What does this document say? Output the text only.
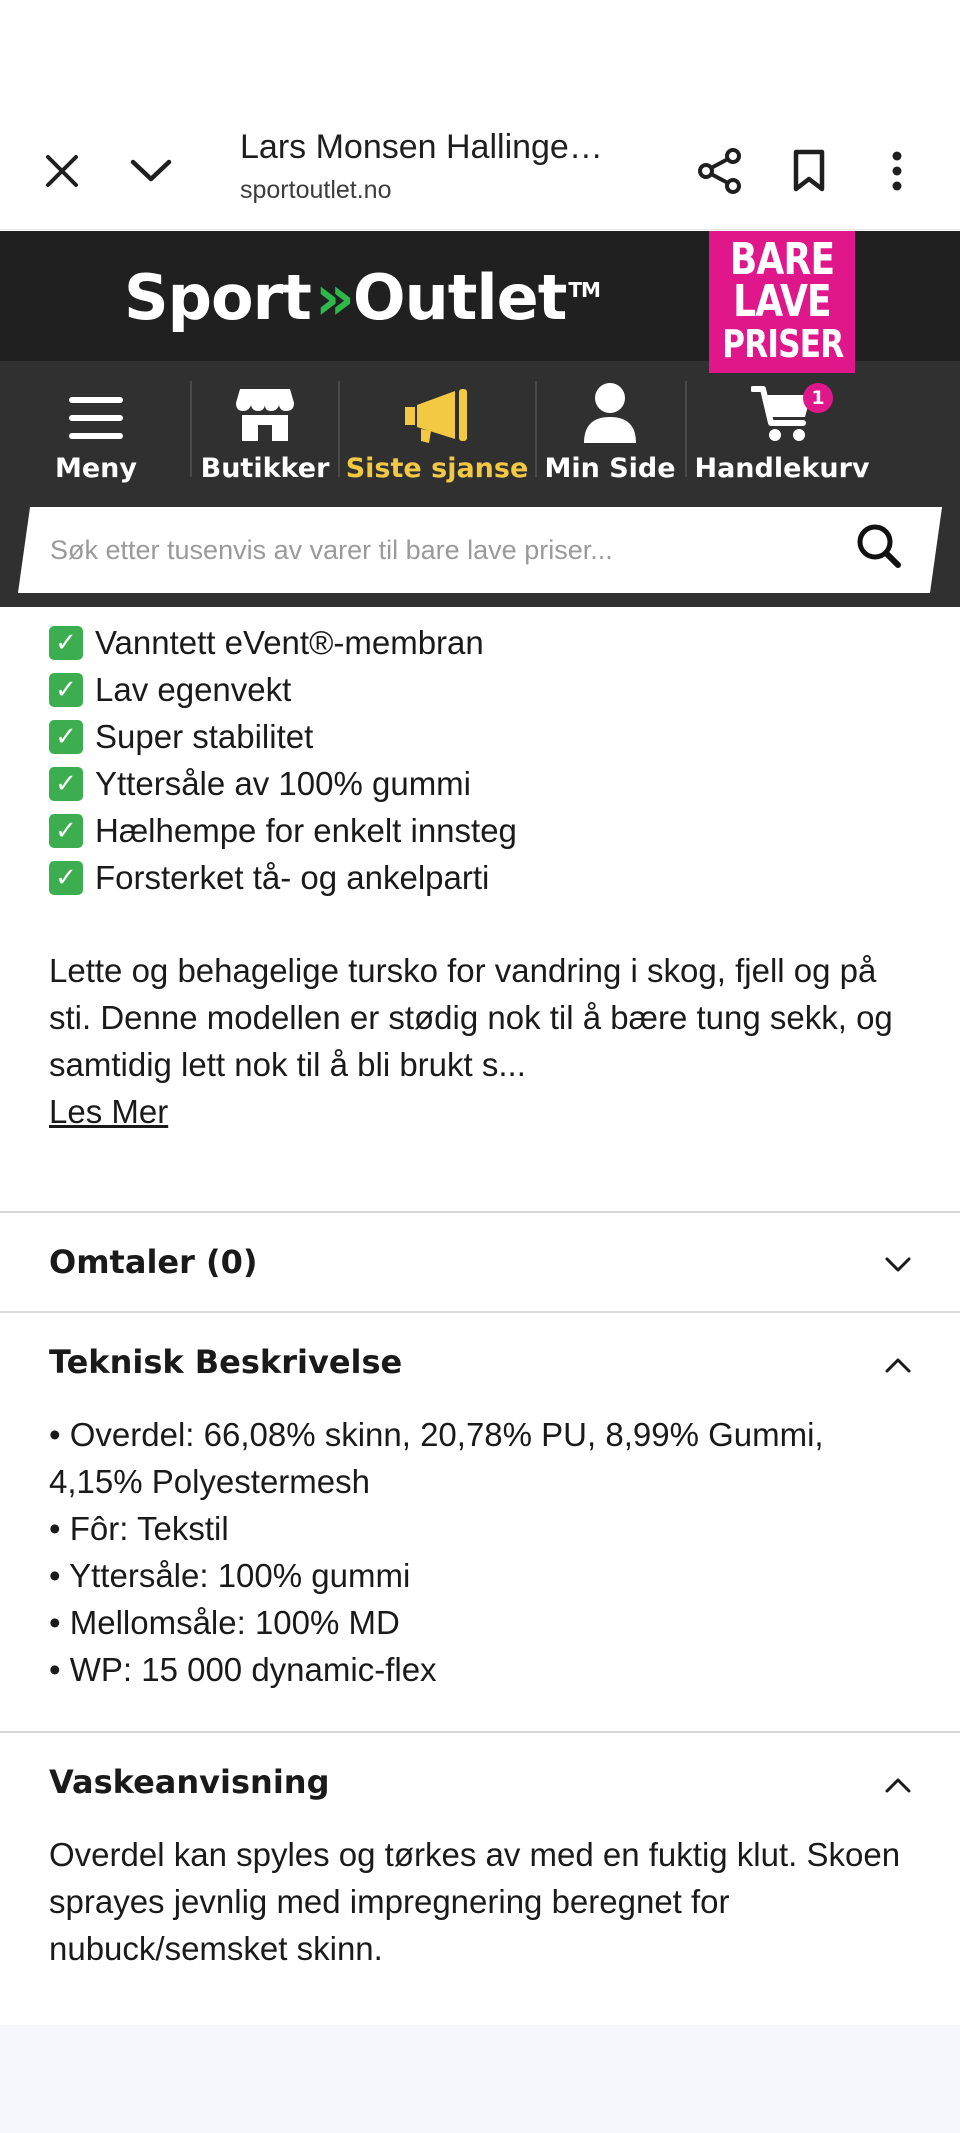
Lars Monsen Hallinge…
sportoutlet.no
Sport»Outlet ™
BARE
LAVE
PRISER
Meny Butikker Siste sjanse Min Side
1
Handlekurv
Søk etter tusenvis av varer til bare lave priser...
✓ Vanntett eVent®-membran
✓ Lav egenvekt
✓ Super stabilitet
✓ Yttersåle av 100% gummi
✓ Hælhempe for enkelt innsteg
✓ Forsterket tå- og ankelparti

Lette og behagelige tursko for vandring i skog, fjell og på sti. Denne modellen er stødig nok til å bære tung sekk, og samtidig lett nok til å bli brukt s...

Les Mer
Omtaler (0)
Teknisk Beskrivelse
• Overdel: 66,08% skinn, 20,78% PU, 8,99% Gummi, 4,15% Polyestermesh
• Fôr: Tekstil
• Yttersåle: 100% gummi
• Mellomsåle: 100% MD
• WP: 15 000 dynamic-flex
Vaskeanvisning
Overdel kan spyles og tørkes av med en fuktig klut. Skoen sprayes jevnlig med impregnering beregnet for nubuck/semsket skinn.
